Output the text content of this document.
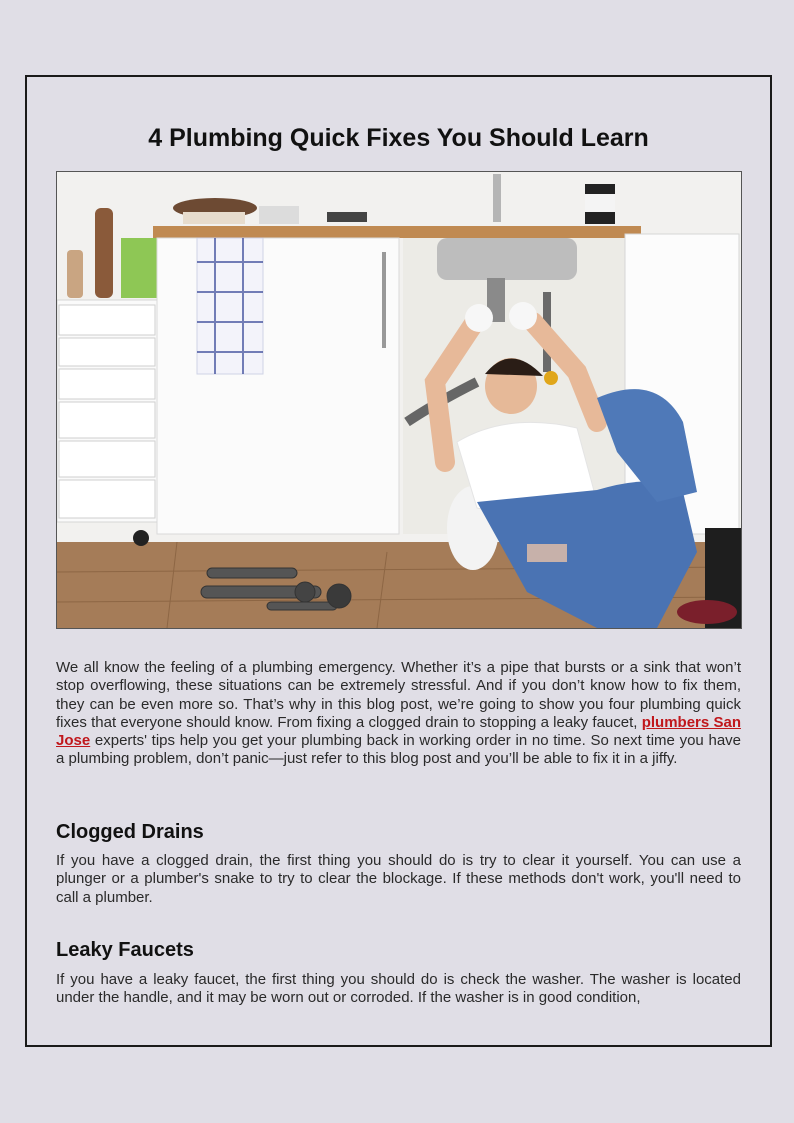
4 Plumbing Quick Fixes You Should Learn

We all know the feeling of a plumbing emergency. Whether it’s a pipe that bursts or a sink that won’t stop overflowing, these situations can be extremely stressful. And if you don’t know how to fix them, they can be even more so. That’s why in this blog post, we’re going to show you four plumbing quick fixes that everyone should know. From fixing a clogged drain to stopping a leaky faucet, plumbers San Jose experts' tips help you get your plumbing back in working order in no time. So next time you have a plumbing problem, don’t panic—just refer to this blog post and you’ll be able to fix it in a jiffy.

Clogged Drains

If you have a clogged drain, the first thing you should do is try to clear it yourself. You can use a plunger or a plumber's snake to try to clear the blockage. If these methods don't work, you'll need to call a plumber.

Leaky Faucets

If you have a leaky faucet, the first thing you should do is check the washer. The washer is located under the handle, and it may be worn out or corroded. If the washer is in good condition,
